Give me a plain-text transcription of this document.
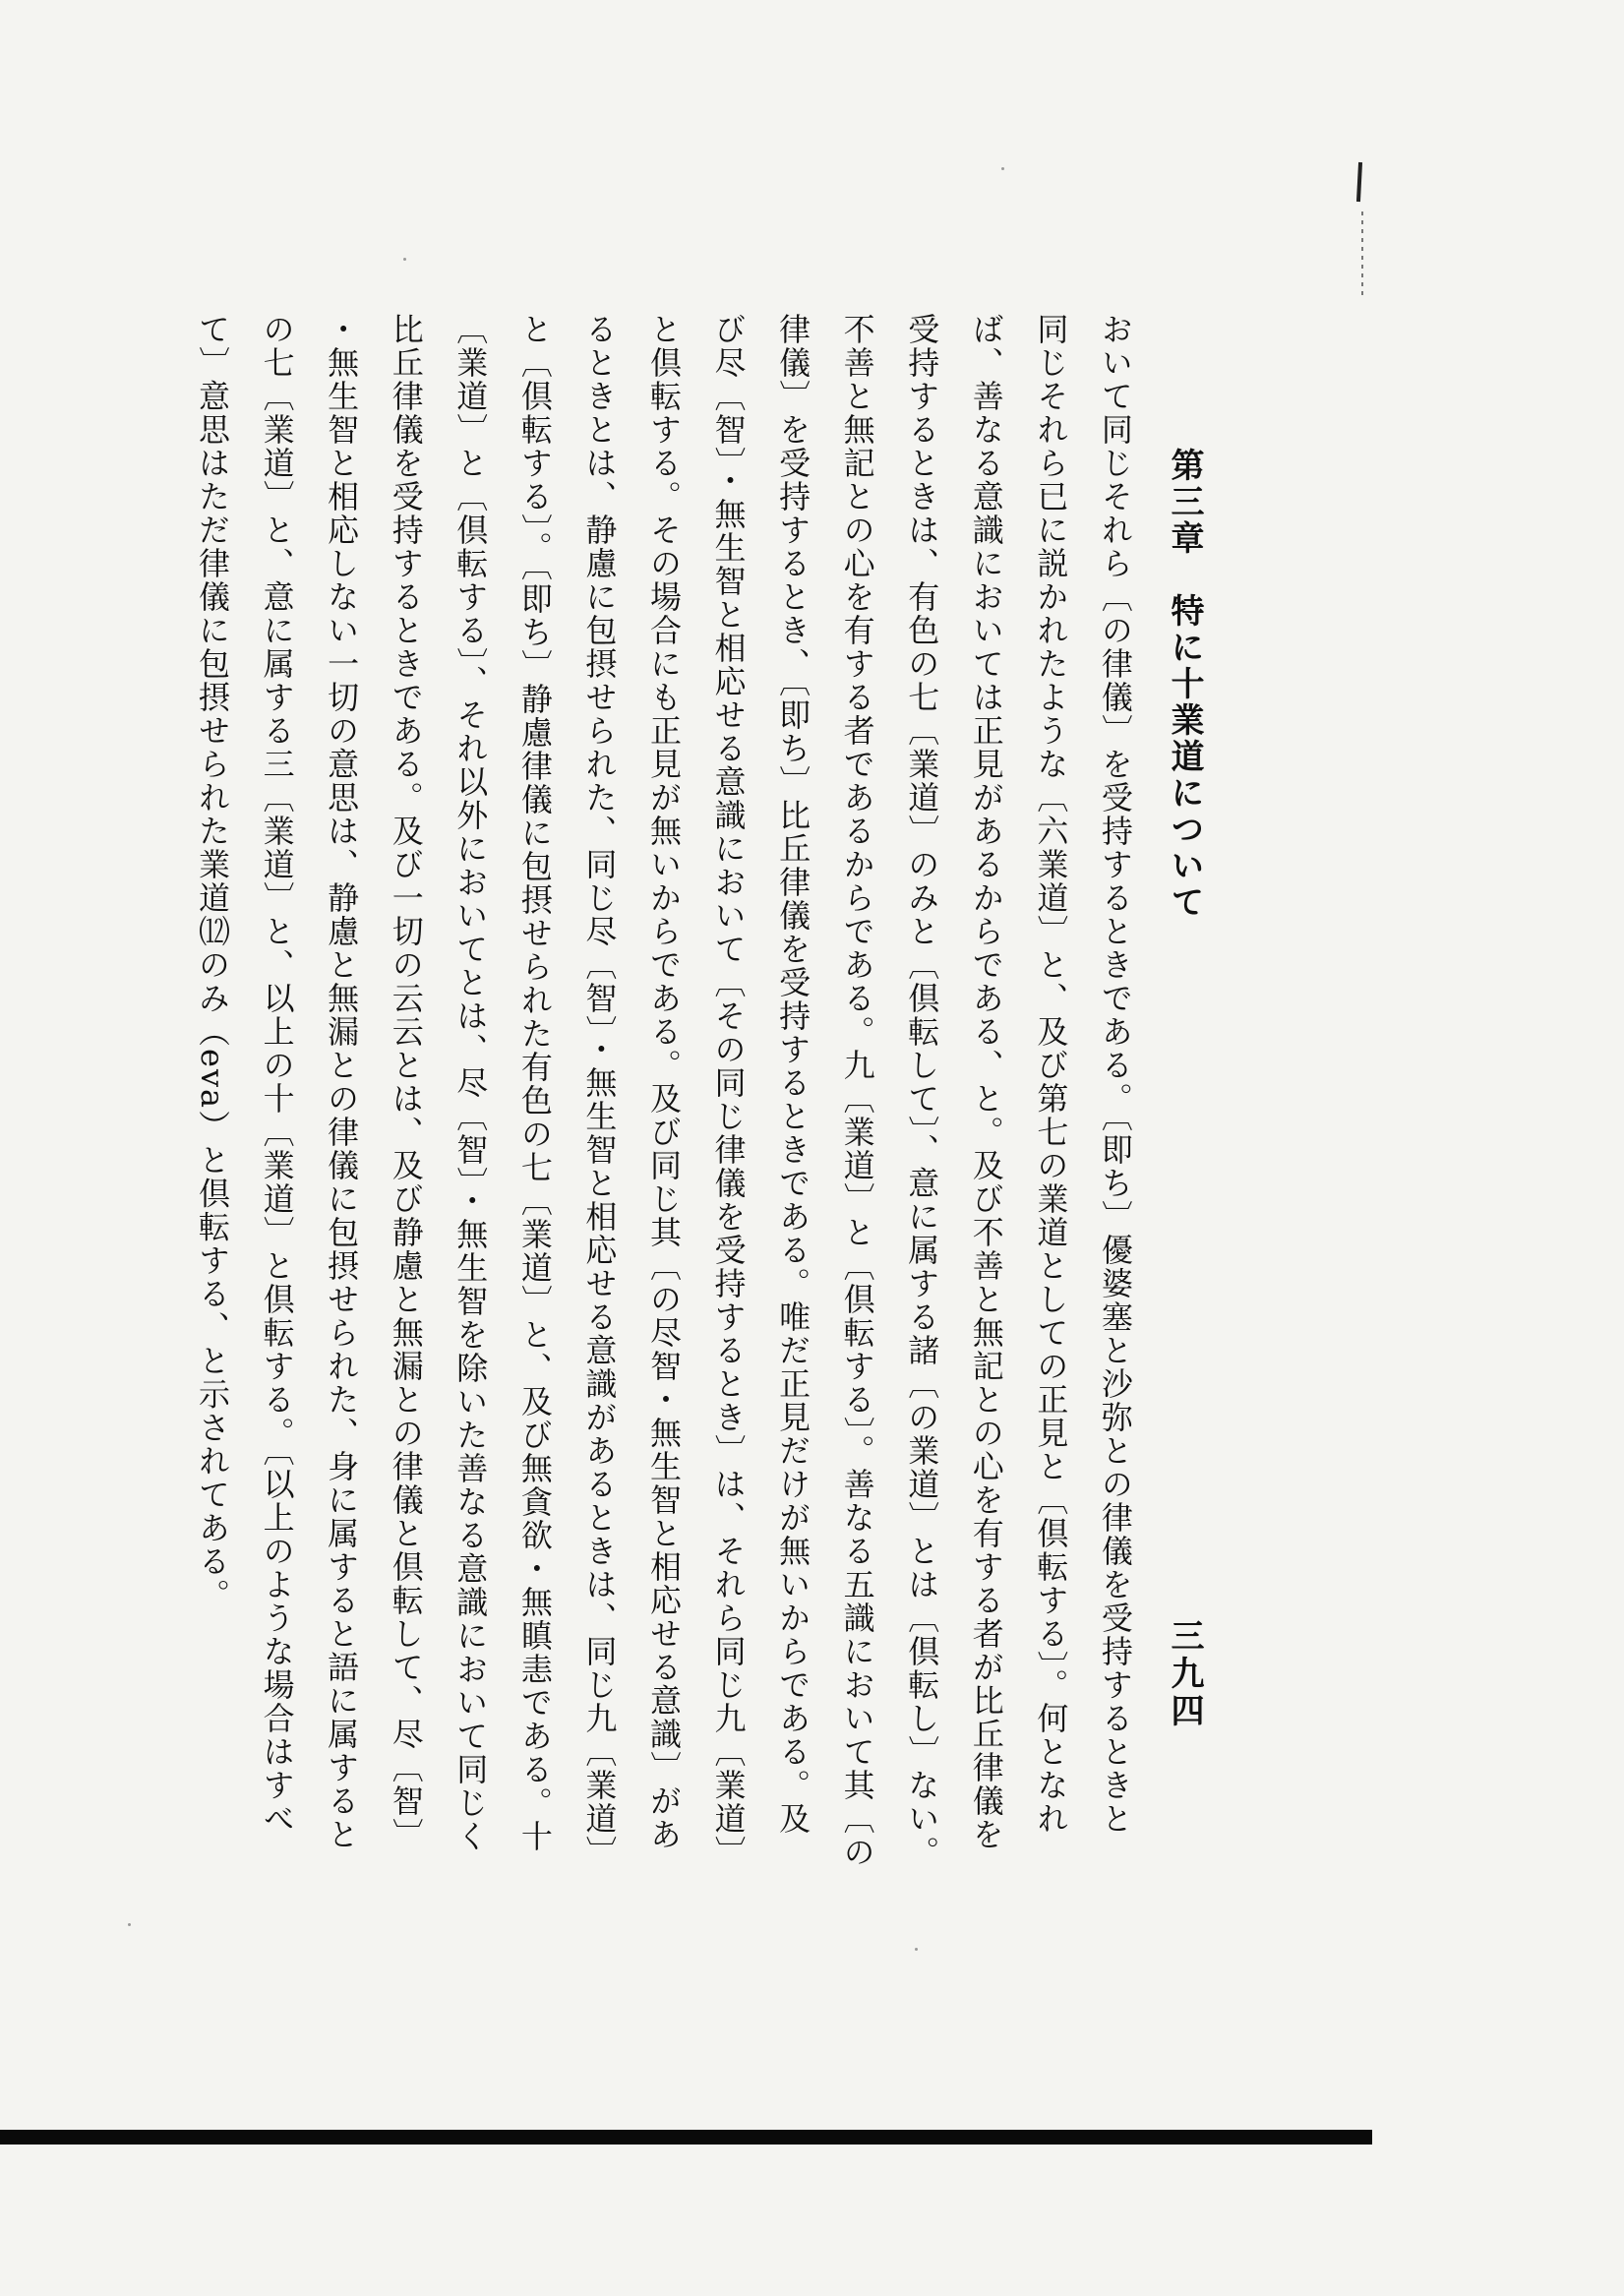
第三章　特に十業道について
三九四
おいて同じそれら〔の律儀〕を受持するときである。〔即ち〕優婆塞と沙弥との律儀を受持するときと
同じそれら已に説かれたような〔六業道〕と、及び第七の業道としての正見と〔倶転する〕。何となれ
ば、善なる意識においては正見があるからである、と。及び不善と無記との心を有する者が比丘律儀を
受持するときは、有色の七〔業道〕のみと〔倶転して〕、意に属する諸〔の業道〕とは〔倶転し〕ない。
不善と無記との心を有する者であるからである。九〔業道〕と〔倶転する〕。善なる五識において其〔の
律儀〕を受持するとき、〔即ち〕比丘律儀を受持するときである。唯だ正見だけが無いからである。及
び尽〔智〕・無生智と相応せる意識において〔その同じ律儀を受持するとき〕は、それら同じ九〔業道〕
と倶転する。その場合にも正見が無いからである。及び同じ其〔の尽智・無生智と相応せる意識〕があ
るときとは、静慮に包摂せられた、同じ尽〔智〕・無生智と相応せる意識があるときは、同じ九〔業道〕
と〔倶転する〕。〔即ち〕静慮律儀に包摂せられた有色の七〔業道〕と、及び無貪欲・無瞋恚である。十
〔業道〕と〔倶転する〕、それ以外においてとは、尽〔智〕・無生智を除いた善なる意識において同じく
比丘律儀を受持するときである。及び一切の云云とは、及び静慮と無漏との律儀と倶転して、尽〔智〕
・無生智と相応しない一切の意思は、静慮と無漏との律儀に包摂せられた、身に属すると語に属すると
の七〔業道〕と、意に属する三〔業道〕と、以上の十〔業道〕と倶転する。〔以上のような場合はすべ
て〕意思はただ律儀に包摂せられた業道⑿のみ（eva）と倶転する、と示されてある。
